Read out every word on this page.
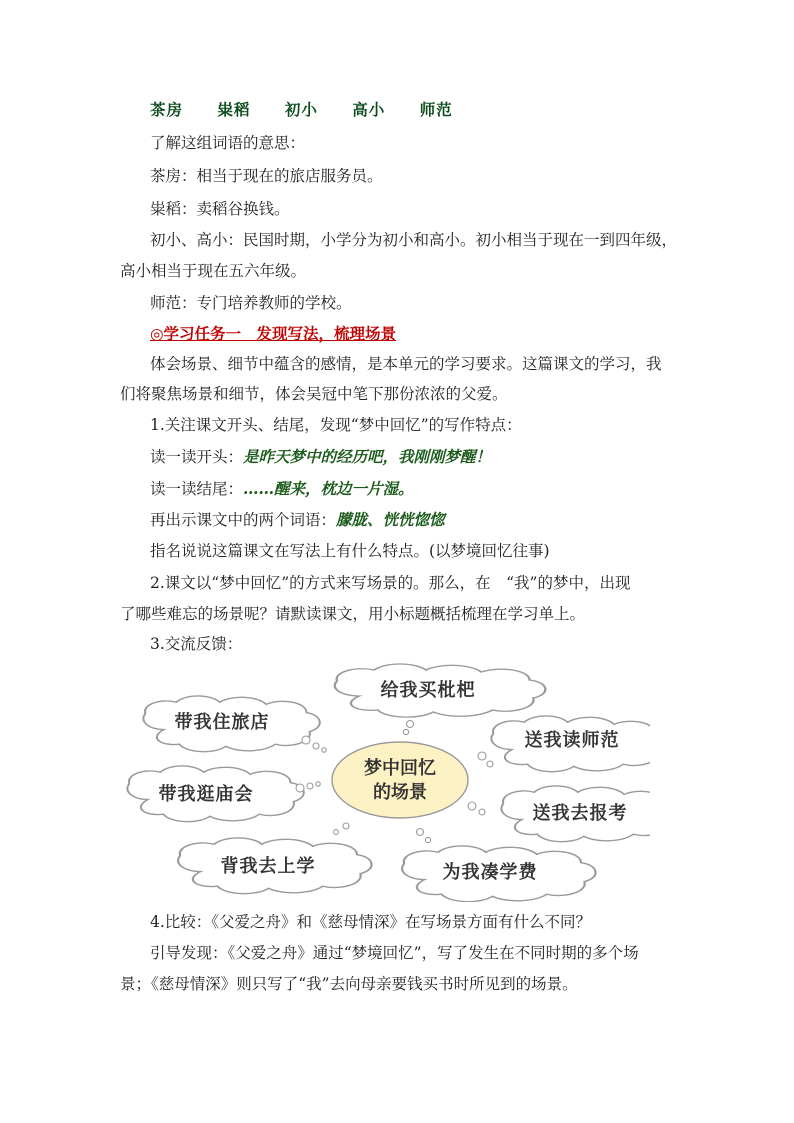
茶房 粜稻 初小 高小 师范
了解这组词语的意思：
茶房：相当于现在的旅店服务员。
粜稻：卖稻谷换钱。
初小、高小：民国时期，小学分为初小和高小。初小相当于现在一到四年级，
高小相当于现在五六年级。
师范：专门培养教师的学校。
◎学习任务一　发现写法，梳理场景
体会场景、细节中蕴含的感情，是本单元的学习要求。这篇课文的学习，我
们将聚焦场景和细节，体会吴冠中笔下那份浓浓的父爱。
1.关注课文开头、结尾，发现“梦中回忆”的写作特点：
读一读开头：是昨天梦中的经历吧，我刚刚梦醒！
读一读结尾：……醒来，枕边一片湿。
再出示课文中的两个词语：朦胧、恍恍惚惚
指名说说这篇课文在写法上有什么特点。(以梦境回忆往事)
2.课文以“梦中回忆”的方式来写场景的。那么，在　“我”的梦中，出现
了哪些难忘的场景呢？请默读课文，用小标题概括梳理在学习单上。
3.交流反馈：
给我买枇杷
带我住旅店
送我读师范
带我逛庙会
送我去报考
背我去上学	为我凑学费
梦中回忆
的场景
4.比较：《父爱之舟》和《慈母情深》在写场景方面有什么不同？
引导发现：《父爱之舟》通过“梦境回忆”，写了发生在不同时期的多个场
景；《慈母情深》则只写了“我”去向母亲要钱买书时所见到的场景。
